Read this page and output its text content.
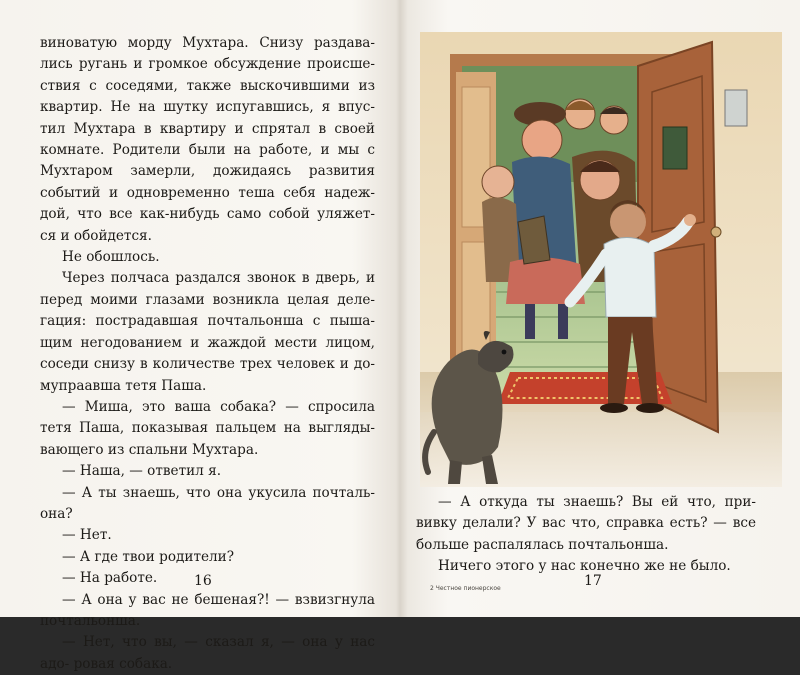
виноватую морду Мухтара. Снизу раздава- лись ругань и громкое обсуждение происше- ствия с соседями, также выскочившими из квартир. Не на шутку испугавшись, я впус- тил Мухтара в квартиру и спрятал в своей комнате. Родители были на работе, и мы с Мухтаром замерли, дожидаясь развития событий и одновременно теша себя надеж- дой, что все как-нибудь само собой уляжет- ся и обойдется.

Не обошлось.

Через полчаса раздался звонок в дверь, и перед моими глазами возникла целая деле- гация: пострадавшая почтальонша с пыша- щим негодованием и жаждой мести лицом, соседи снизу в количестве трех человек и до- мупраавша тетя Паша.

— Миша, это ваша собака? — спросила тетя Паша, показывая пальцем на выгляды- вающего из спальни Мухтара.

— Наша, — ответил я.

— А ты знаешь, что она укусила почталь- она?

— Нет.

— А где твои родители?

— На работе.

— А она у вас не бешеная?! — взвизгнула почтальонша.

— Нет, что вы, — сказал я, — она у нас адо- ровая собака.

16

— А откуда ты знаешь? Вы ей что, при- вивку делали? У вас что, справка есть? — все больше распалялась почтальонша.

Ничего этого у нас конечно же не было.

17
2 Честное пионерское
